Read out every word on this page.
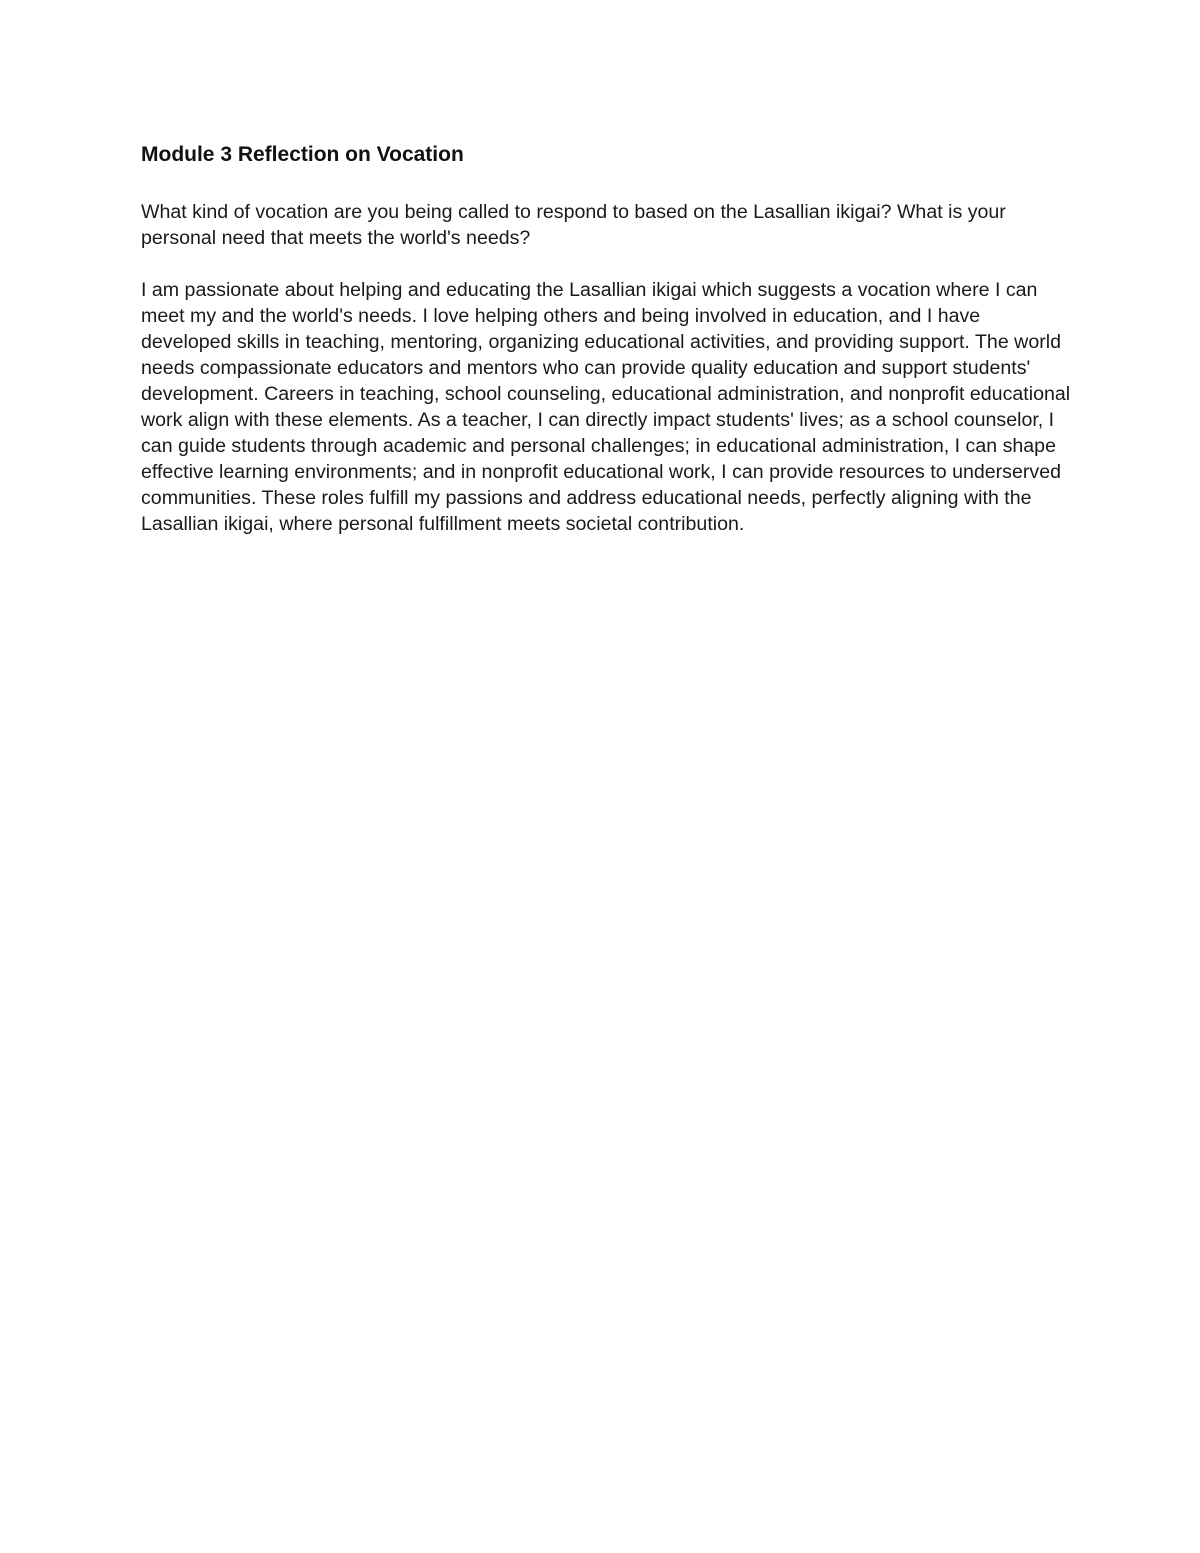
Module 3 Reflection on Vocation

What kind of vocation are you being called to respond to based on the Lasallian ikigai? What is your personal need that meets the world's needs?

I am passionate about helping and educating the Lasallian ikigai which suggests a vocation where I can meet my and the world's needs. I love helping others and being involved in education, and I have developed skills in teaching, mentoring, organizing educational activities, and providing support. The world needs compassionate educators and mentors who can provide quality education and support students' development. Careers in teaching, school counseling, educational administration, and nonprofit educational work align with these elements. As a teacher, I can directly impact students' lives; as a school counselor, I can guide students through academic and personal challenges; in educational administration, I can shape effective learning environments; and in nonprofit educational work, I can provide resources to underserved communities. These roles fulfill my passions and address educational needs, perfectly aligning with the Lasallian ikigai, where personal fulfillment meets societal contribution.
